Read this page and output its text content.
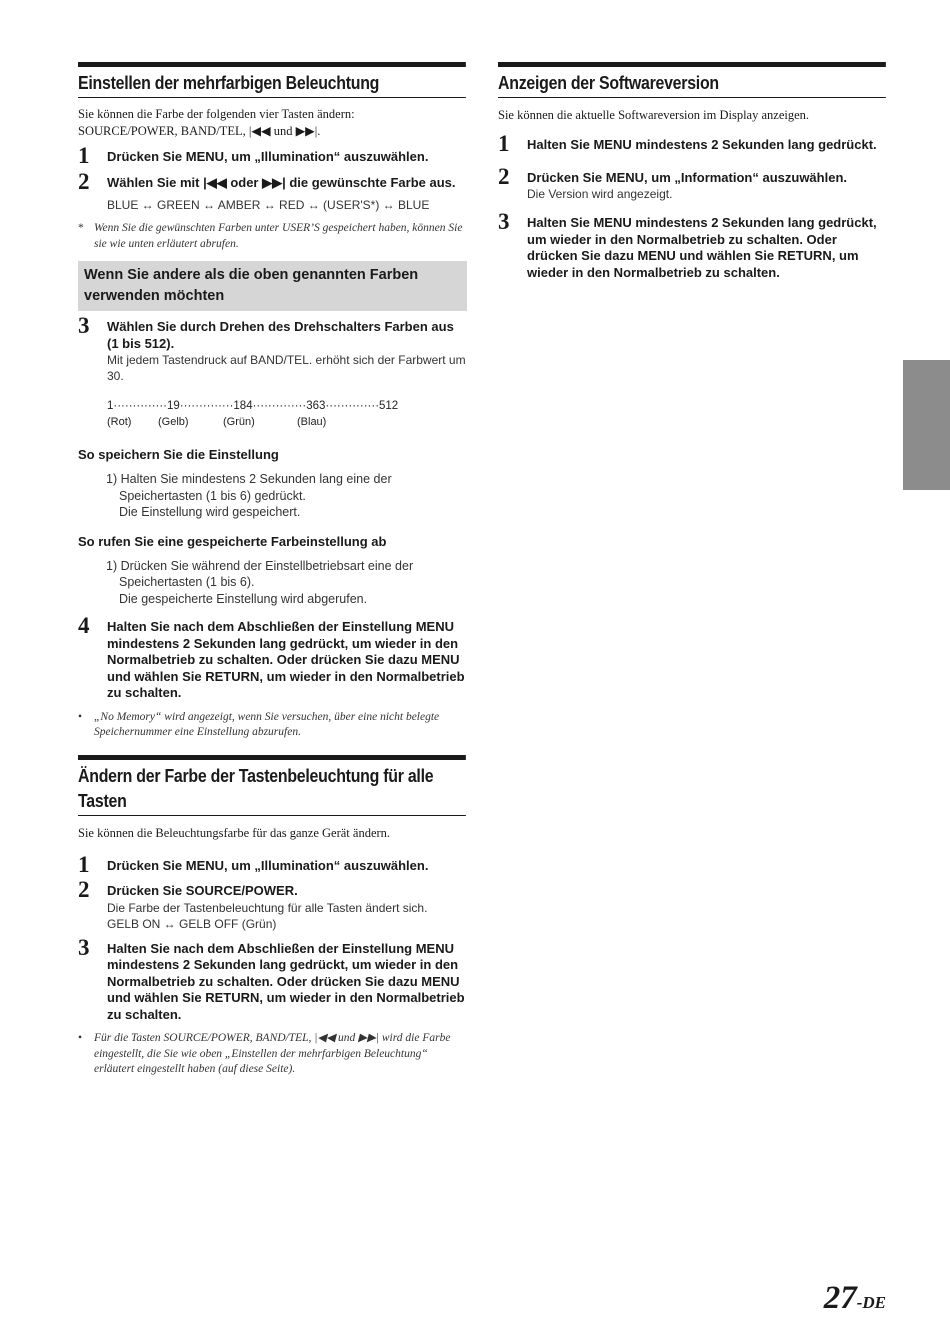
Einstellen der mehrfarbigen Beleuchtung
Sie können die Farbe der folgenden vier Tasten ändern:
SOURCE/POWER, BAND/TEL, |◀◀ und ▶▶|.
1 Drücken Sie MENU, um „Illumination“ auszuwählen.
2 Wählen Sie mit |◀◀ oder ▶▶| die gewünschte Farbe aus.
BLUE ↔ GREEN ↔ AMBER ↔ RED ↔ (USER'S*) ↔ BLUE
* Wenn Sie die gewünschten Farben unter USER’S gespeichert haben, können Sie sie wie unten erläutert abrufen.
Wenn Sie andere als die oben genannten Farben verwenden möchten
3 Wählen Sie durch Drehen des Drehschalters Farben aus (1 bis 512).
Mit jedem Tastendruck auf BAND/TEL. erhöht sich der Farbwert um 30.
1··············19··············184··············363··············512
(Rot) (Gelb)	(Grün)	(Blau)
So speichern Sie die Einstellung
1) Halten Sie mindestens 2 Sekunden lang eine der
Speichertasten (1 bis 6) gedrückt.
Die Einstellung wird gespeichert.
So rufen Sie eine gespeicherte Farbeinstellung ab
1) Drücken Sie während der Einstellbetriebsart eine der
Speichertasten (1 bis 6).
Die gespeicherte Einstellung wird abgerufen.
4 Halten Sie nach dem Abschließen der Einstellung MENU mindestens 2 Sekunden lang gedrückt, um wieder in den Normalbetrieb zu schalten. Oder drücken Sie dazu MENU und wählen Sie RETURN, um wieder in den Normalbetrieb zu schalten.
• „No Memory“ wird angezeigt, wenn Sie versuchen, über eine nicht belegte Speichernummer eine Einstellung abzurufen.
Ändern der Farbe der Tastenbeleuchtung für alle Tasten
Sie können die Beleuchtungsfarbe für das ganze Gerät ändern.
1 Drücken Sie MENU, um „Illumination“ auszuwählen.
2 Drücken Sie SOURCE/POWER.
Die Farbe der Tastenbeleuchtung für alle Tasten ändert sich.
GELB ON ↔ GELB OFF (Grün)
3 Halten Sie nach dem Abschließen der Einstellung MENU mindestens 2 Sekunden lang gedrückt, um wieder in den Normalbetrieb zu schalten. Oder drücken Sie dazu MENU und wählen Sie RETURN, um wieder in den Normalbetrieb zu schalten.
• Für die Tasten SOURCE/POWER, BAND/TEL, |◀◀ und ▶▶| wird die Farbe eingestellt, die Sie wie oben „Einstellen der mehrfarbigen Beleuchtung“ erläutert eingestellt haben (auf diese Seite).
Anzeigen der Softwareversion
Sie können die aktuelle Softwareversion im Display anzeigen.
1 Halten Sie MENU mindestens 2 Sekunden lang gedrückt.
2 Drücken Sie MENU, um „Information“ auszuwählen.
Die Version wird angezeigt.
3 Halten Sie MENU mindestens 2 Sekunden lang gedrückt, um wieder in den Normalbetrieb zu schalten. Oder drücken Sie dazu MENU und wählen Sie RETURN, um wieder in den Normalbetrieb zu schalten.
27-DE
